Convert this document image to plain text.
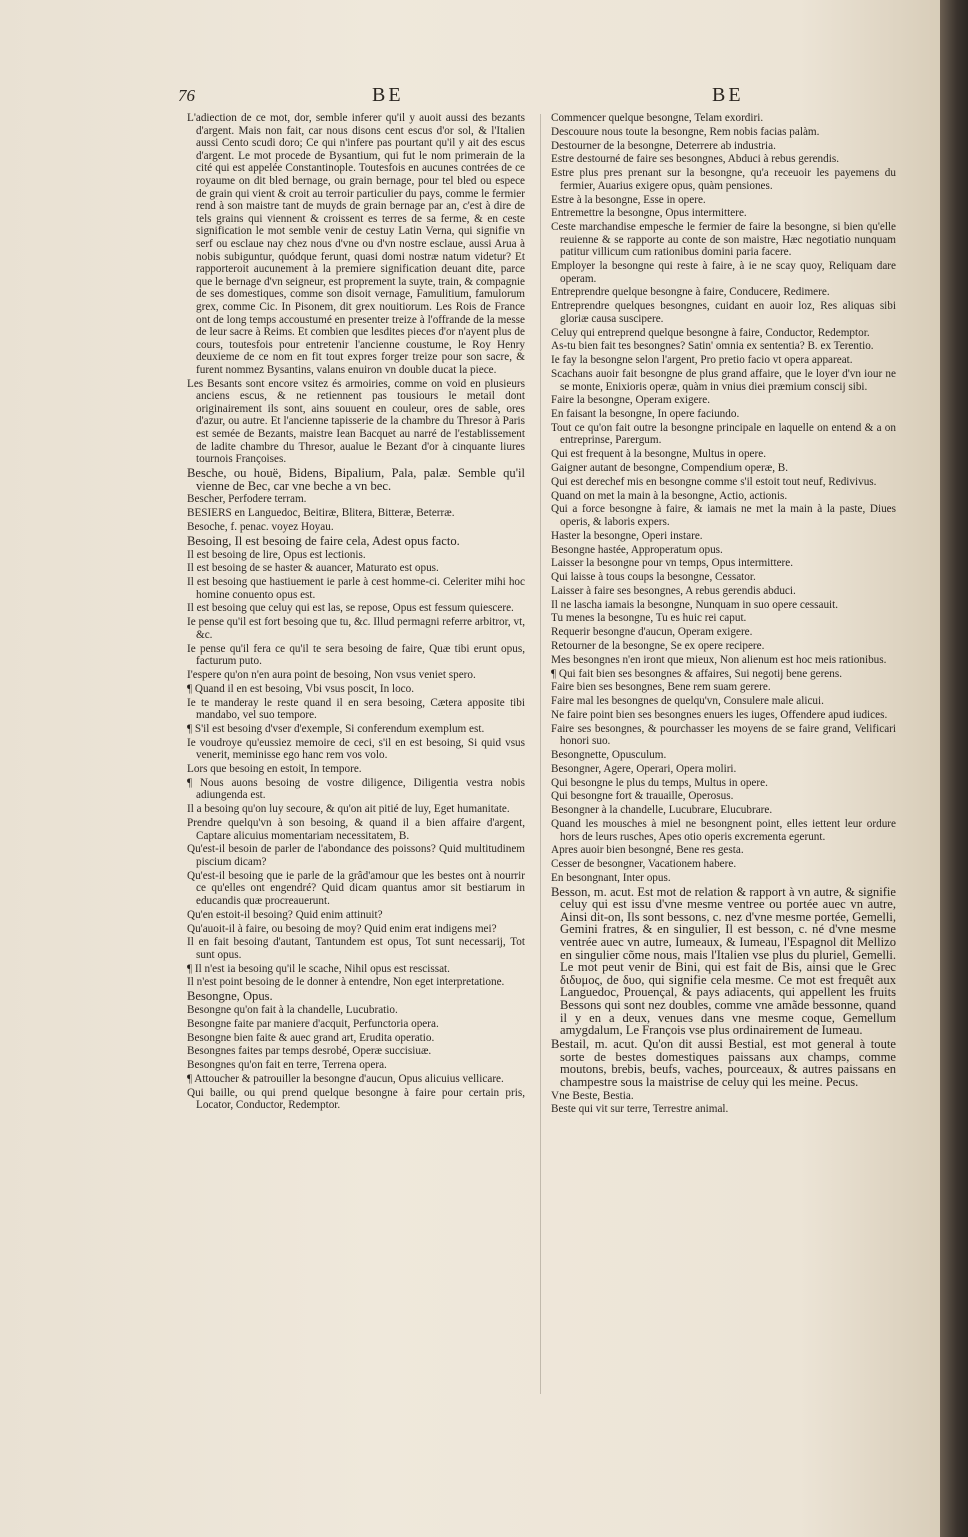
76	BE	BE

L'adiection de ce mot, dor, semble inferer qu'il y auoit aussi des bezants d'argent. Mais non fait, car nous disons cent escus d'or sol, & l'Italien aussi Cento scudi doro; Ce qui n'infere pas pourtant qu'il y ait des escus d'argent. Le mot procede de Bysantium, qui fut le nom primerain de la cité qui est appelée Constantinople. Toutesfois en aucunes contrées de ce royaume on dit bled bernage, ou grain bernage, pour tel bled ou espece de grain qui vient & croit au terroir particulier du pays, comme le fermier rend à son maistre tant de muyds de grain bernage par an, c'est à dire de tels grains qui viennent & croissent es terres de sa ferme, & en ceste signification le mot semble venir de cestuy Latin Verna, qui signifie vn serf ou esclaue nay chez nous d'vne ou d'vn nostre esclaue, aussi Arua à nobis subiguntur, quódque ferunt, quasi domi nostræ natum videtur? Et rapporteroit aucunement à la premiere signification deuant dite, parce que le bernage d'vn seigneur, est proprement la suyte, train, & compagnie de ses domestiques, comme son disoit vernage, Famulitium, famulorum grex, comme Cic. In Pisonem, dit grex nouitiorum. Les Rois de France ont de long temps accoustumé en presenter treize à l'offrande de la messe de leur sacre à Reims. Et combien que lesdites pieces d'or n'ayent plus de cours, toutesfois pour entretenir l'ancienne coustume, le Roy Henry deuxieme de ce nom en fit tout expres forger treize pour son sacre, & furent nommez Bysantins, valans enuiron vn double ducat la piece.

Les Besants sont encore vsitez és armoiries, comme on void en plusieurs anciens escus, & ne retiennent pas tousiours le metail dont originairement ils sont, ains souuent en couleur, ores de sable, ores d'azur, ou autre. Et l'ancienne tapisserie de la chambre du Thresor à Paris est semée de Bezants, maistre Iean Bacquet au narré de l'establissement de ladite chambre du Thresor, aualue le Bezant d'or à cinquante liures tournois Françoises.

Besche, ou houë, Bidens, Bipalium, Pala, palæ. Semble qu'il vienne de Bec, car vne beche a vn bec.

Bescher, Perfodere terram.

BESIERS en Languedoc, Beitiræ, Blitera, Bitteræ, Beterræ.

Besoche, f. penac. voyez Hoyau.

Besoing, Il est besoing de faire cela, Adest opus facto.

Il est besoing de lire, Opus est lectionis.

Il est besoing de se haster & auancer, Maturato est opus.

Il est besoing que hastiuement ie parle à cest homme-ci. Celeriter mihi hoc homine conuento opus est.

Il est besoing que celuy qui est las, se repose, Opus est fessum quiescere.

Ie pense qu'il est fort besoing que tu, &c. Illud permagni referre arbitror, vt, &c.

Ie pense qu'il fera ce qu'il te sera besoing de faire, Quæ tibi erunt opus, facturum puto.

I'espere qu'on n'en aura point de besoing, Non vsus veniet spero.

¶ Quand il en est besoing, Vbi vsus poscit, In loco.

Ie te manderay le reste quand il en sera besoing, Cætera apposite tibi mandabo, vel suo tempore.

¶ S'il est besoing d'vser d'exemple, Si conferendum exemplum est.

Ie voudroye qu'eussiez memoire de ceci, s'il en est besoing, Si quid vsus venerit, meminisse ego hanc rem vos volo.

Lors que besoing en estoit, In tempore.

¶ Nous auons besoing de vostre diligence, Diligentia vestra nobis adiungenda est.

Il a besoing qu'on luy secoure, & qu'on ait pitié de luy, Eget humanitate.

Prendre quelqu'vn à son besoing, & quand il a bien affaire d'argent, Captare alicuius momentariam necessitatem, B.

Qu'est-il besoin de parler de l'abondance des poissons? Quid multitudinem piscium dicam?

Qu'est-il besoing que ie parle de la grâd'amour que les bestes ont à nourrir ce qu'elles ont engendré? Quid dicam quantus amor sit bestiarum in educandis quæ procreauerunt.

Qu'en estoit-il besoing? Quid enim attinuit?

Qu'auoit-il à faire, ou besoing de moy? Quid enim erat indigens mei?

Il en fait besoing d'autant, Tantundem est opus, Tot sunt necessarij, Tot sunt opus.

¶ Il n'est ia besoing qu'il le scache, Nihil opus est rescissat.

Il n'est point besoing de le donner à entendre, Non eget interpretatione.

Besongne, Opus.

Besongne qu'on fait à la chandelle, Lucubratio.

Besongne faite par maniere d'acquit, Perfunctoria opera.

Besongne bien faite & auec grand art, Erudita operatio.

Besongnes faites par temps desrobé, Operæ succisiuæ.

Besongnes qu'on fait en terre, Terrena opera.

¶ Attoucher & patrouiller la besongne d'aucun, Opus alicuius vellicare.

Qui baille, ou qui prend quelque besongne à faire pour certain pris, Locator, Conductor, Redemptor.

Commencer quelque besongne, Telam exordiri.

Descouure nous toute la besongne, Rem nobis facias palàm.

Destourner de la besongne, Deterrere ab industria.

Estre destourné de faire ses besongnes, Abduci à rebus gerendis.

Estre plus pres prenant sur la besongne, qu'a receuoir les payemens du fermier, Auarius exigere opus, quàm pensiones.

Estre à la besongne, Esse in opere.

Entremettre la besongne, Opus intermittere.

Ceste marchandise empesche le fermier de faire la besongne, si bien qu'elle reuienne & se rapporte au conte de son maistre, Hæc negotiatio nunquam patitur villicum cum rationibus domini paria facere.

Employer la besongne qui reste à faire, à ie ne scay quoy, Reliquam dare operam.

Entreprendre quelque besongne à faire, Conducere, Redimere.

Entreprendre quelques besongnes, cuidant en auoir loz, Res aliquas sibi gloriæ causa suscipere.

Celuy qui entreprend quelque besongne à faire, Conductor, Redemptor.

As-tu bien fait tes besongnes? Satin' omnia ex sententia? B. ex Terentio.

Ie fay la besongne selon l'argent, Pro pretio facio vt opera appareat.

Scachans auoir fait besongne de plus grand affaire, que le loyer d'vn iour ne se monte, Enixioris operæ, quàm in vnius diei præmium conscij sibi.

Faire la besongne, Operam exigere.

En faisant la besongne, In opere faciundo.

Tout ce qu'on fait outre la besongne principale en laquelle on entend & a on entreprinse, Parergum.

Qui est frequent à la besongne, Multus in opere.

Gaigner autant de besongne, Compendium operæ, B.

Qui est derechef mis en besongne comme s'il estoit tout neuf, Redivivus.

Quand on met la main à la besongne, Actio, actionis.

Qui a force besongne à faire, & iamais ne met la main à la paste, Diues operis, & laboris expers.

Haster la besongne, Operi instare.

Besongne hastée, Approperatum opus.

Laisser la besongne pour vn temps, Opus intermittere.

Qui laisse à tous coups la besongne, Cessator.

Laisser à faire ses besongnes, A rebus gerendis abduci.

Il ne lascha iamais la besongne, Nunquam in suo opere cessauit.

Tu menes la besongne, Tu es huic rei caput.

Requerir besongne d'aucun, Operam exigere.

Retourner de la besongne, Se ex opere recipere.

Mes besongnes n'en iront que mieux, Non alienum est hoc meis rationibus.

¶ Qui fait bien ses besongnes & affaires, Sui negotij bene gerens.

Faire bien ses besongnes, Bene rem suam gerere.

Faire mal les besongnes de quelqu'vn, Consulere male alicui.

Ne faire point bien ses besongnes enuers les iuges, Offendere apud iudices.

Faire ses besongnes, & pourchasser les moyens de se faire grand, Velificari honori suo.

Besongnette, Opusculum.

Besongner, Agere, Operari, Opera moliri.

Qui besongne le plus du temps, Multus in opere.

Qui besongne fort & trauaille, Operosus.

Besongner à la chandelle, Lucubrare, Elucubrare.

Quand les mousches à miel ne besongnent point, elles iettent leur ordure hors de leurs rusches, Apes otio operis excrementa egerunt.

Apres auoir bien besongné, Bene res gesta.

Cesser de besongner, Vacationem habere.

En besongnant, Inter opus.

Besson, m. acut. Est mot de relation & rapport à vn autre, & signifie celuy qui est issu d'vne mesme ventree ou portée auec vn autre, Ainsi dit-on, Ils sont bessons, c. nez d'vne mesme portée, Gemelli, Gemini fratres, & en singulier, Il est besson, c. né d'vne mesme ventrée auec vn autre, Iumeaux, & Iumeau, l'Espagnol dit Mellizo en singulier cõme nous, mais l'Italien vse plus du pluriel, Gemelli. Le mot peut venir de Bini, qui est fait de Bis, ainsi que le Grec διδυμος, de δυο, qui signifie cela mesme. Ce mot est frequêt aux Languedoc, Prouençal, & pays adiacents, qui appellent les fruits Bessons qui sont nez doubles, comme vne amãde bessonne, quand il y en a deux, venues dans vne mesme coque, Gemellum amygdalum, Le François vse plus ordinairement de Iumeau.

Bestail, m. acut. Qu'on dit aussi Bestial, est mot general à toute sorte de bestes domestiques paissans aux champs, comme moutons, brebis, beufs, vaches, pourceaux, & autres paissans en champestre sous la maistrise de celuy qui les meine. Pecus.

Vne Beste, Bestia.

Beste qui vit sur terre, Terrestre animal.
